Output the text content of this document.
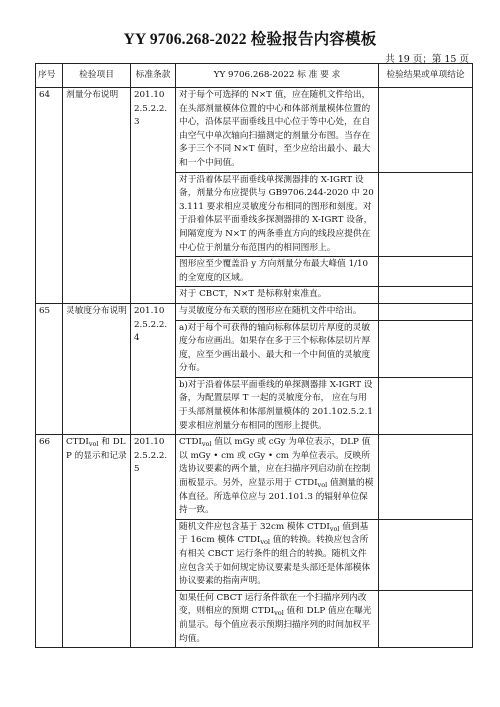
YY 9706.268-2022 检验报告内容模板
共 19 页；第 15 页
序号	检验项目	标准条款	YY 9706.268-2022 标 准 要 求	检验结果或单项结论
64	剂量分布说明	201.102.5.2.2.3	对于每个可选择的 N×T 值，应在随机文件给出，在头部剂量模体位置的中心和体部剂量模体位置的中心，沿体层平面垂线且中心位于等中心处，在自由空气中单次轴向扫描测定的剂量分布图。当存在多于三个不同 N×T 值时，至少应给出最小、最大和一个中间值。	
			对于沿着体层平面垂线单探测器排的 X-IGRT 设备，剂量分布应提供与 GB9706.244-2020 中 203.111 要求相应灵敏度分布相同的图形和刻度。对于沿着体层平面垂线多探测器排的 X-IGRT 设备， 间隔宽度为 N×T 的两条垂直方向的线段应提供在中心位于剂量分布范围内的相同图形上。	
			图形应至少覆盖沿 y 方向剂量分布最大峰值 1/10 的全宽度的区域。	
			对于 CBCT，N×T 是标称射束准直。	
65	灵敏度分布说明	201.102.5.2.2.4	与灵敏度分布关联的图形应在随机文件中给出。	
			a)对于每个可获得的轴向标称体层切片厚度的灵敏度分布应画出。如果存在多于三个标称体层切片厚度，应至少画出最小、最大和一个中间值的灵敏度分布。	
			b)对于沿着体层平面垂线的单探测器排 X-IGRT 设备，为配置层厚 T 一起的灵敏度分布， 应在与用于头部剂量模体和体部剂量模体的 201.102.5.2.1 要求相应剂量分布相同的图形上提供。	
66	$CTDI_{vol}$ 和 DLP 的显示和记录	201.102.5.2.2.5	$CTDI_{vol}$ 值以 mGy 或 cGy 为单位表示，DLP 值以 mGy • cm 或 cGy • cm 为单位表示。反映所选协议要素的两个量，应在扫描序列启动前在控制面板显示。另外，应显示用于 $CTDI_{vol}$ 值测量的模体直径。所选单位应与 201.101.3 的辐射单位保持一致。	
			随机文件应包含基于 32cm 模体 $CTDI_{vol}$ 值到基于 16cm 模体 $CTDI_{vol}$ 值的转换。转换应包含所有相关 CBCT 运行条件的组合的转换。随机文件应包含关于如何规定协议要素是头部还是体部模体协议要素的指南声明。	
			如果任何 CBCT 运行条件欲在一个扫描序列内改变，则相应的预期 $CTDI_{vol}$ 值和 DLP 值应在曝光前显示。每个值应表示预期扫描序列的时间加权平均值。	
